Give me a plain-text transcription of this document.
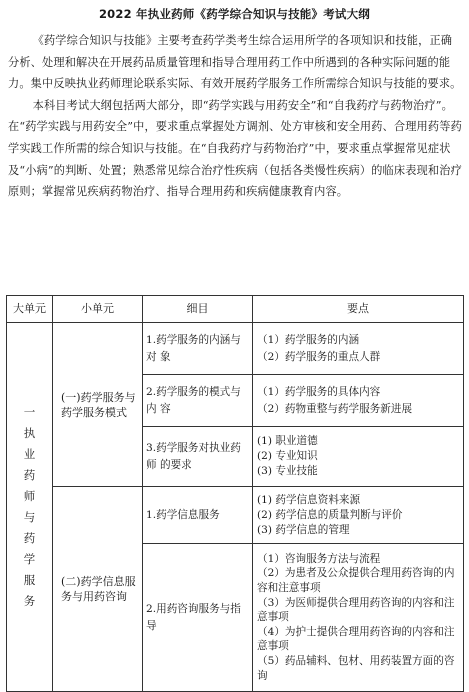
2022 年执业药师《药学综合知识与技能》考试大纲

《药学综合知识与技能》主要考查药学类考生综合运用所学的各项知识和技能，正确分析、处理和解决在开展药品质量管理和指导合理用药工作中所遇到的各种实际问题的能力。集中反映执业药师理论联系实际、有效开展药学服务工作所需综合知识与技能的要求。

本科目考试大纲包括两大部分，即“药学实践与用药安全”和“自我药疗与药物治疗”。在“药学实践与用药安全”中，要求重点掌握处方调剂、处方审核和安全用药、合理用药等药学实践工作所需的综合知识与技能。在“自我药疗与药物治疗”中，要求重点掌握常见症状及“小病”的判断、处置；熟悉常见综合治疗性疾病（包括各类慢性疾病）的临床表现和治疗原则；掌握常见疾病药物治疗、指导合理用药和疾病健康教育内容。

大单元	小单元	细目	要点
一执业药师与药学服务	(一)药学服务与药学服务模式	1.药学服务的内涵与对 象	（1）药学服务的内涵
（2）药学服务的重点人群

		2.药学服务的模式与内 容	（1）药学服务的具体内容
（2）药物重整与药学服务新进展

		3.药学服务对执业药师 的要求	(1) 职业道德
(2) 专业知识
(3) 专业技能

	(二)药学信息服务与用药咨询	1.药学信息服务	(1) 药学信息资料来源
(2) 药学信息的质量判断与评价
(3) 药学信息的管理

		2.用药咨询服务与指导	（1）咨询服务方法与流程
（2）为患者及公众提供合理用药咨询的内容和注意事项
（3）为医师提供合理用药咨询的内容和注意事项
（4）为护士提供合理用药咨询的内容和注意事项
（5）药品辅料、包材、用药装置方面的咨询
